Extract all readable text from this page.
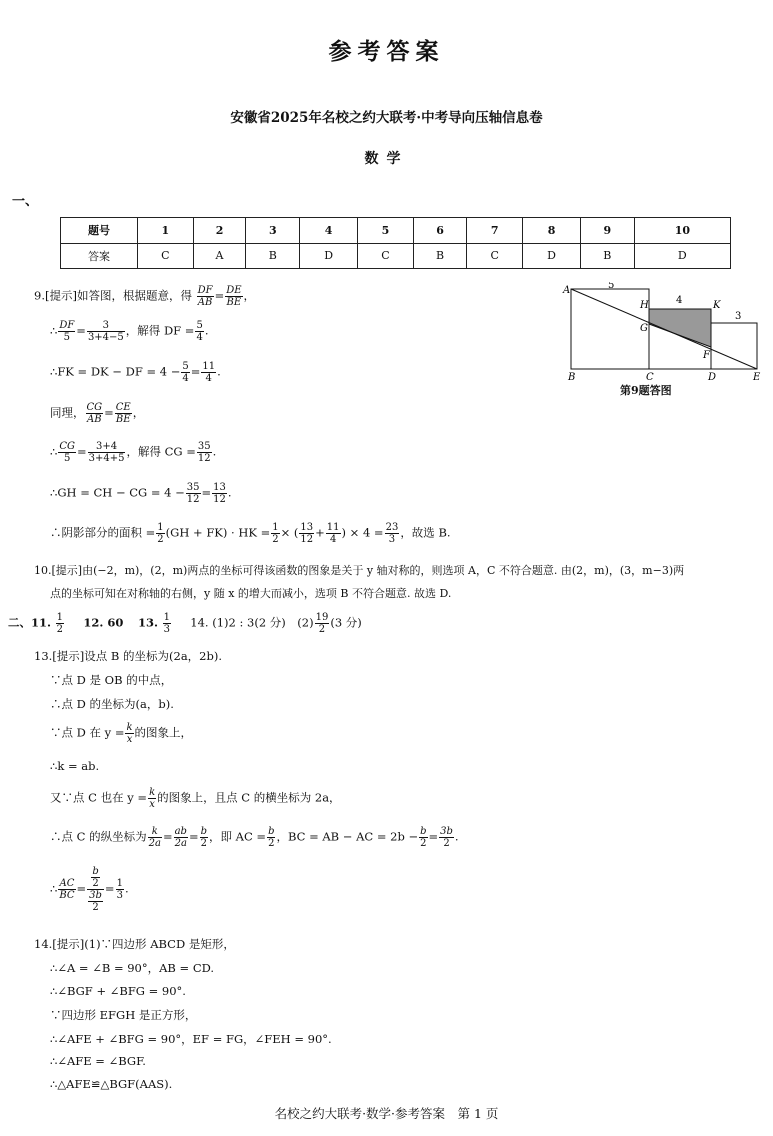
参考答案
安徽省2025年名校之约大联考·中考导向压轴信息卷
数学
一、
题号	1	2	3	4	5	6	7	8	9	10
答案	C	A	B	D	C	B	C	D	B	D
A
B	C	D	E
F
G
H	K
5
4
3
第9题答图
9.[提示]如答图，根据题意，得 $\frac{DF}{AB} = \frac{DE}{BE}$ ，
∴ $\frac{DF}{5} = \frac{3}{3+4-5}$ ，解得 DF = $\frac{5}{4}$ .
∴FK = DK − DF = $4 - \frac{5}{4} = \frac{11}{4}$ .
同理， $\frac{CG}{AB} = \frac{CE}{BE}$ ，
∴ $\frac{CG}{5} = \frac{3+4}{3+4+5}$ ，解得 CG = $\frac{35}{12}$ .
∴GH = CH − CG = $4 - \frac{35}{12} = \frac{13}{12}$ .
∴阴影部分的面积 = $\frac{1}{2} (GH + FK)$ · HK = $\frac{1}{2}$ × ( $\frac{13}{12} + \frac{11}{4}$ ) × $4 = \frac{23}{3}$ ，故选 B.
10.[提示]由(−2，m)，(2，m)两点的坐标可得该函数的图象是关于 y 轴对称的，则选项 A，C 不符合题意. 由(2，m)，(3，m−3)两
点的坐标可知在对称轴的右侧，y 随 x 的增大而减小，选项 B 不符合题意. 故选 D.
二、11. $\frac{1}{2} 12$. 60 13. $\frac{1}{3} 14$. (1)2 : 3(2 分)　$(2) \frac{19}{2} (3$ 分)
13.[提示]设点 B 的坐标为(2a，2b).
∵点 D 是 OB 的中点，
∴点 D 的坐标为(a，b).
∵点 D 在 $y = \frac{k}{x}$ 的图象上，
∴k = ab.
又∵点 C 也在 $y = \frac{k}{x}$ 的图象上，且点 C 的横坐标为 2a，
∴点 C 的纵坐标为 $\frac{k}{2a} = \frac{ab}{2a} = \frac{b}{2}$ ，即 AC = $\frac{b}{2}$ ，BC = AB − AC = $2b - \frac{b}{2} = \frac{3b}{2}$ .
∴ $\frac{AC}{BC} = \frac{\frac{b}{2}}{\frac{3b}{2}} = \frac{1}{3}$ .
14.[提示](1)∵四边形 ABCD 是矩形，
∴∠A = ∠B = 90°，AB = CD.
∴∠BGF + ∠BFG = 90°.
∵四边形 EFGH 是正方形，
∴∠AFE + ∠BFG = 90°，EF = FG，∠FEH = 90°.
∴∠AFE = ∠BGF.
∴△AFE≌△BGF(AAS).
名校之约大联考·数学·参考答案　第 1 页
